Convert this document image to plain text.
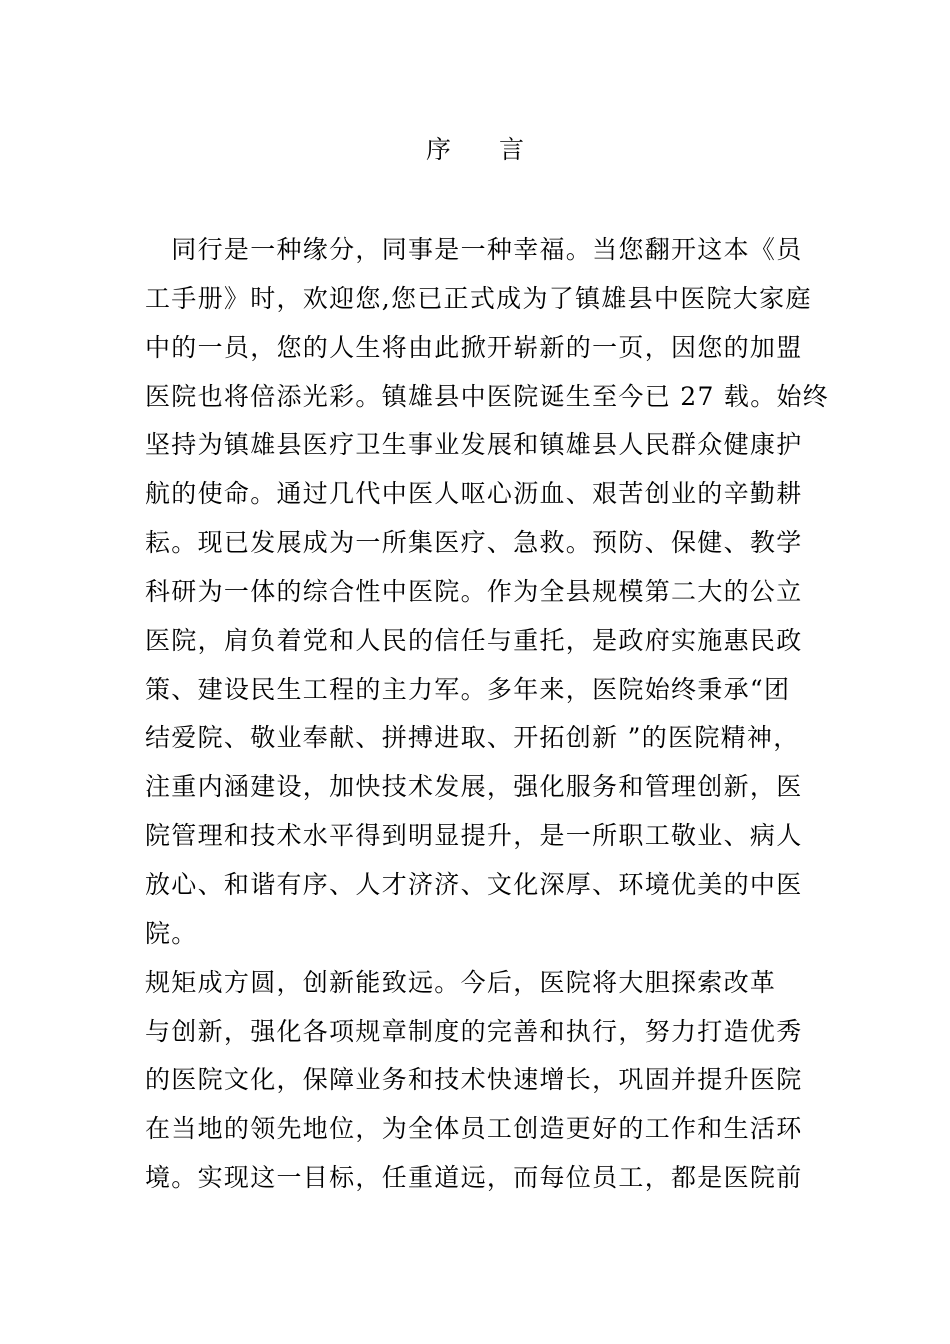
序 言
　同行是一种缘分，同事是一种幸福。当您翻开这本《员
工手册》时，欢迎您,您已正式成为了镇雄县中医院大家庭
中的一员，您的人生将由此掀开崭新的一页，因您的加盟
医院也将倍添光彩。镇雄县中医院诞生至今已 27 载。始终
坚持为镇雄县医疗卫生事业发展和镇雄县人民群众健康护
航的使命。通过几代中医人呕心沥血、艰苦创业的辛勤耕
耘。现已发展成为一所集医疗、急救。预防、保健、教学
科研为一体的综合性中医院。作为全县规模第二大的公立
医院，肩负着党和人民的信任与重托，是政府实施惠民政
策、建设民生工程的主力军。多年来，医院始终秉承“团
结爱院、敬业奉献、拼搏进取、开拓创新 ”的医院精神，
注重内涵建设，加快技术发展，强化服务和管理创新，医
院管理和技术水平得到明显提升，是一所职工敬业、病人
放心、和谐有序、人才济济、文化深厚、环境优美的中医
院。
规矩成方圆，创新能致远。今后，医院将大胆探索改革
与创新，强化各项规章制度的完善和执行，努力打造优秀
的医院文化，保障业务和技术快速增长，巩固并提升医院
在当地的领先地位，为全体员工创造更好的工作和生活环
境。实现这一目标，任重道远，而每位员工，都是医院前
